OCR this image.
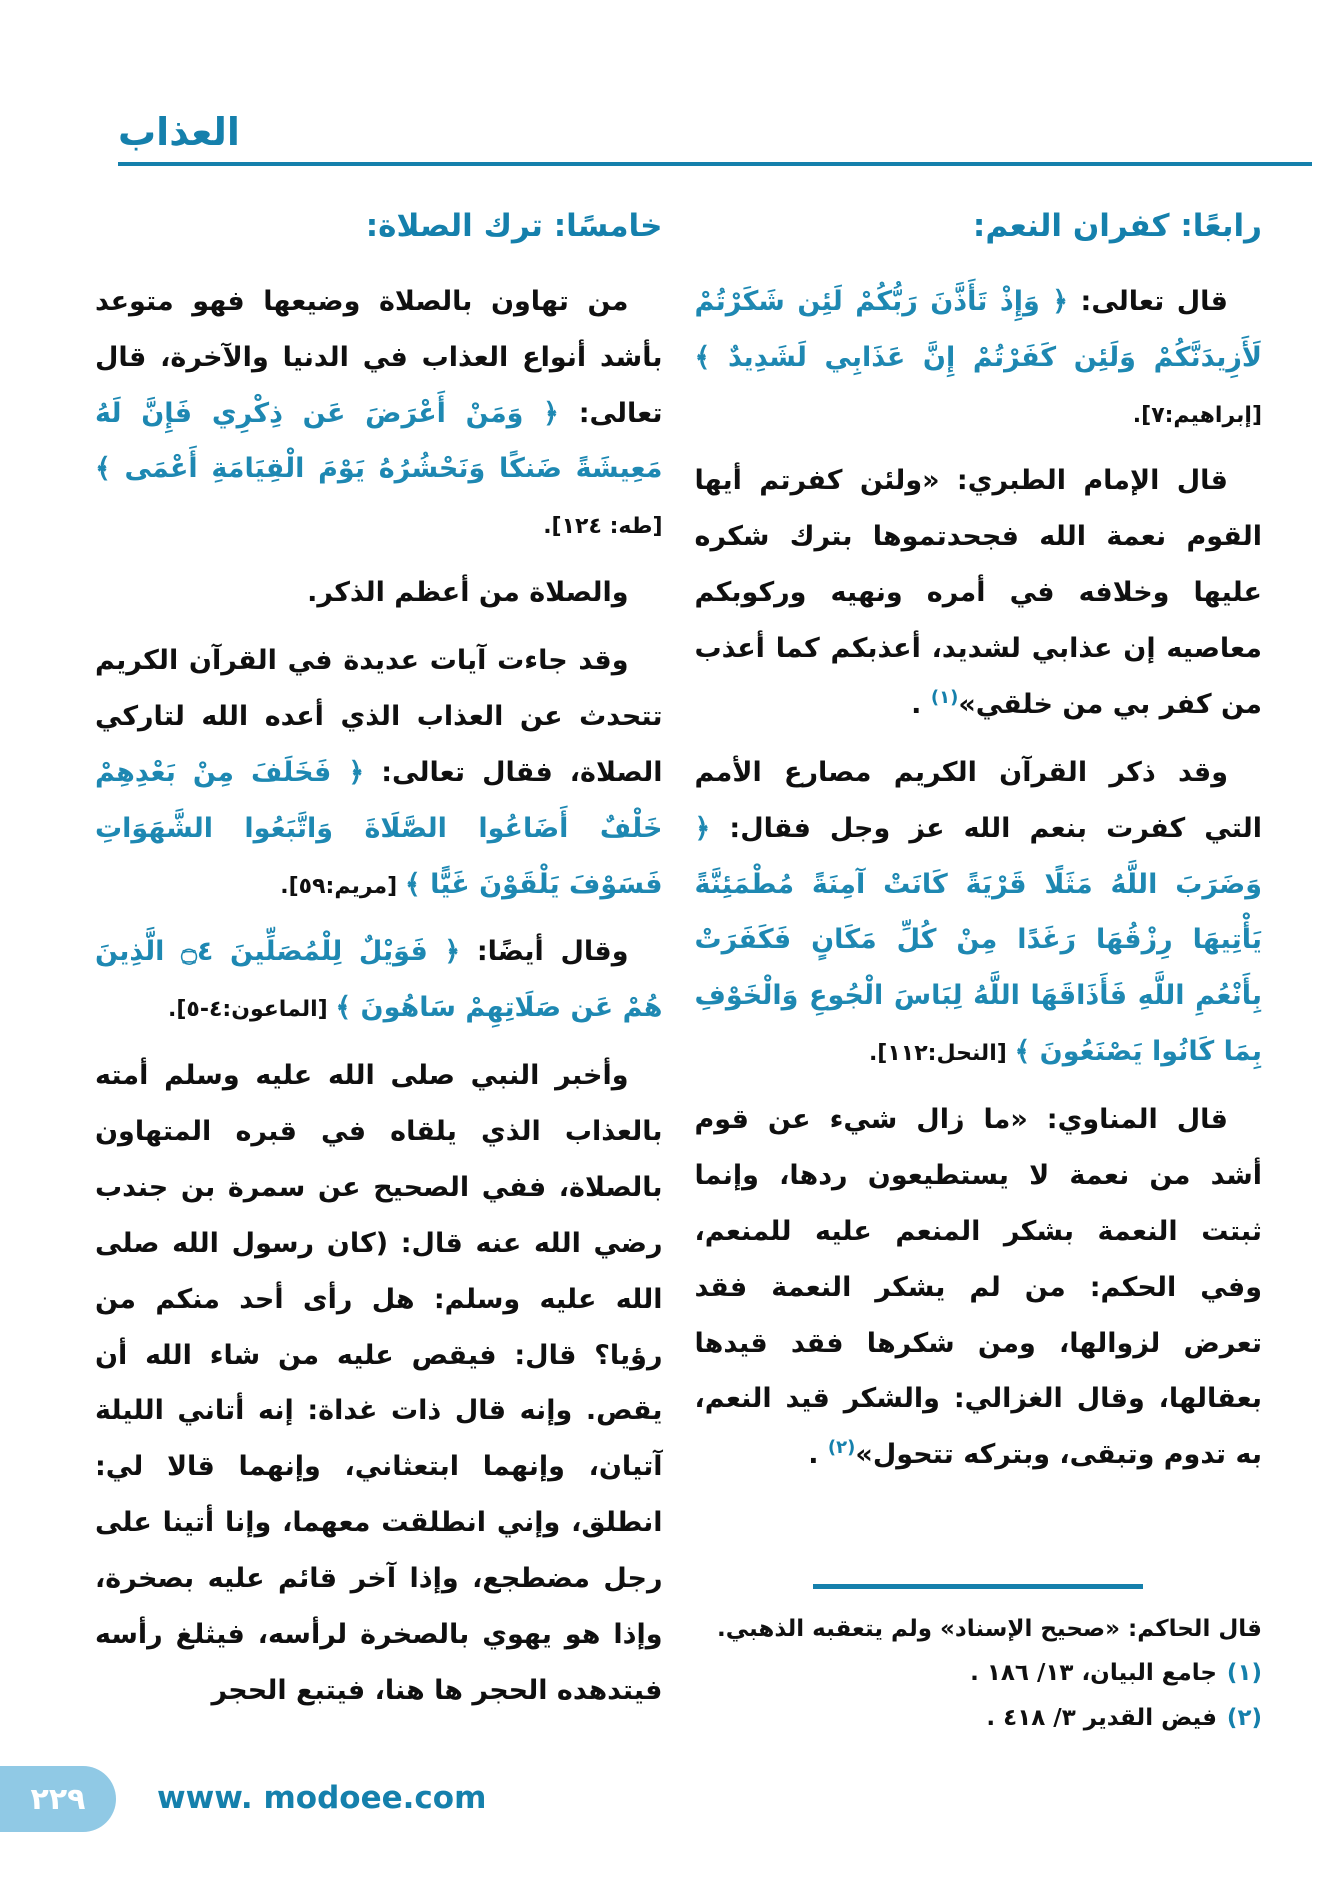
العذاب
رابعًا: كفران النعم:

قال تعالى: ﴿ وَإِذْ تَأَذَّنَ رَبُّكُمْ لَئِن شَكَرْتُمْ لَأَزِيدَنَّكُمْ وَلَئِن كَفَرْتُمْ إِنَّ عَذَابِي لَشَدِيدٌ ﴾ [إبراهيم:٧].

قال الإمام الطبري: «ولئن كفرتم أيها القوم نعمة الله فجحدتموها بترك شكره عليها وخلافه في أمره ونهيه وركوبكم معاصيه إن عذابي لشديد، أعذبكم كما أعذب من كفر بي من خلقي»$^{(١)}$ .

وقد ذكر القرآن الكريم مصارع الأمم التي كفرت بنعم الله عز وجل فقال: ﴿ وَضَرَبَ اللَّهُ مَثَلًا قَرْيَةً كَانَتْ آمِنَةً مُطْمَئِنَّةً يَأْتِيهَا رِزْقُهَا رَغَدًا مِنْ كُلِّ مَكَانٍ فَكَفَرَتْ بِأَنْعُمِ اللَّهِ فَأَذَاقَهَا اللَّهُ لِبَاسَ الْجُوعِ وَالْخَوْفِ بِمَا كَانُوا يَصْنَعُونَ ﴾ [النحل:١١٢].

قال المناوي: «ما زال شيء عن قوم أشد من نعمة لا يستطيعون ردها، وإنما ثبتت النعمة بشكر المنعم عليه للمنعم، وفي الحكم: من لم يشكر النعمة فقد تعرض لزوالها، ومن شكرها فقد قيدها بعقالها، وقال الغزالي: والشكر قيد النعم، به تدوم وتبقى، وبتركه تتحول»$^{(٢)}$ .

قال الحاكم: «صحيح الإسناد» ولم يتعقبه الذهبي.

(١)جامع البيان، ١٣/ ١٨٦ .

(٢)فيض القدير ٣/ ٤١٨ .

خامسًا: ترك الصلاة:

من تهاون بالصلاة وضيعها فهو متوعد بأشد أنواع العذاب في الدنيا والآخرة، قال تعالى: ﴿ وَمَنْ أَعْرَضَ عَن ذِكْرِي فَإِنَّ لَهُ مَعِيشَةً ضَنكًا وَنَحْشُرُهُ يَوْمَ الْقِيَامَةِ أَعْمَى ﴾ [طه: ١٢٤].

والصلاة من أعظم الذكر.

وقد جاءت آيات عديدة في القرآن الكريم تتحدث عن العذاب الذي أعده الله لتاركي الصلاة، فقال تعالى: ﴿ فَخَلَفَ مِنْ بَعْدِهِمْ خَلْفٌ أَضَاعُوا الصَّلَاةَ وَاتَّبَعُوا الشَّهَوَاتِ فَسَوْفَ يَلْقَوْنَ غَيًّا ﴾ [مريم:٥٩].

وقال أيضًا: ﴿ فَوَيْلٌ لِلْمُصَلِّينَ ۝٤ الَّذِينَ هُمْ عَن صَلَاتِهِمْ سَاهُونَ ﴾ [الماعون:٤-٥].

وأخبر النبي صلى الله عليه وسلم أمته بالعذاب الذي يلقاه في قبره المتهاون بالصلاة، ففي الصحيح عن سمرة بن جندب رضي الله عنه قال: (كان رسول الله صلى الله عليه وسلم: هل رأى أحد منكم من رؤيا؟ قال: فيقص عليه من شاء الله أن يقص. وإنه قال ذات غداة: إنه أتاني الليلة آتيان، وإنهما ابتعثاني، وإنهما قالا لي: انطلق، وإني انطلقت معهما، وإنا أتينا على رجل مضطجع، وإذا آخر قائم عليه بصخرة، وإذا هو يهوي بالصخرة لرأسه، فيثلغ رأسه فيتدهده الحجر ها هنا، فيتبع الحجر

٢٢٩ www. modoee.com
